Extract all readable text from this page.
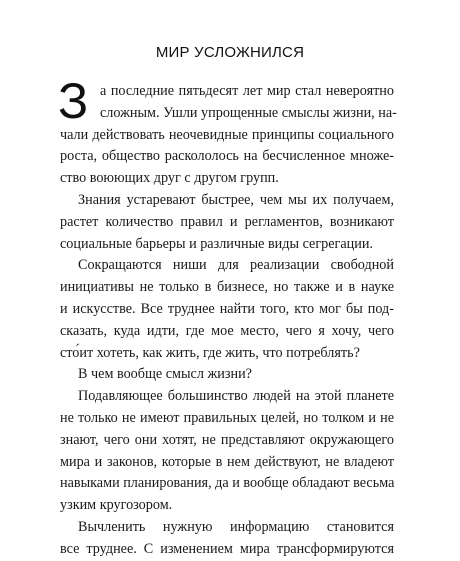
МИР УСЛОЖНИЛСЯ
З а последние пятьдесят лет мир стал невероятно
сложным. Ушли упрощенные смыслы жизни, на-
чали действовать неочевидные принципы социального
роста, общество раскололось на бесчисленное множе-
ство воюющих друг с другом групп.
Знания устаревают быстрее, чем мы их получаем,
растет количество правил и регламентов, возникают
социальные барьеры и различные виды сегрегации.
Сокращаются ниши для реализации свободной
инициативы не только в бизнесе, но также и в науке
и искусстве. Все труднее найти того, кто мог бы под-
сказать, куда идти, где мое место, чего я хочу, чего
сто́ит хотеть, как жить, где жить, что потреблять?
В чем вообще смысл жизни?
Подавляющее большинство людей на этой планете
не только не имеют правильных целей, но толком и не
знают, чего они хотят, не представляют окружающего
мира и законов, которые в нем действуют, не владеют
навыками планирования, да и вообще обладают весьма
узким кругозором.
Вычленить нужную информацию становится
все труднее. С изменением мира трансформируются
